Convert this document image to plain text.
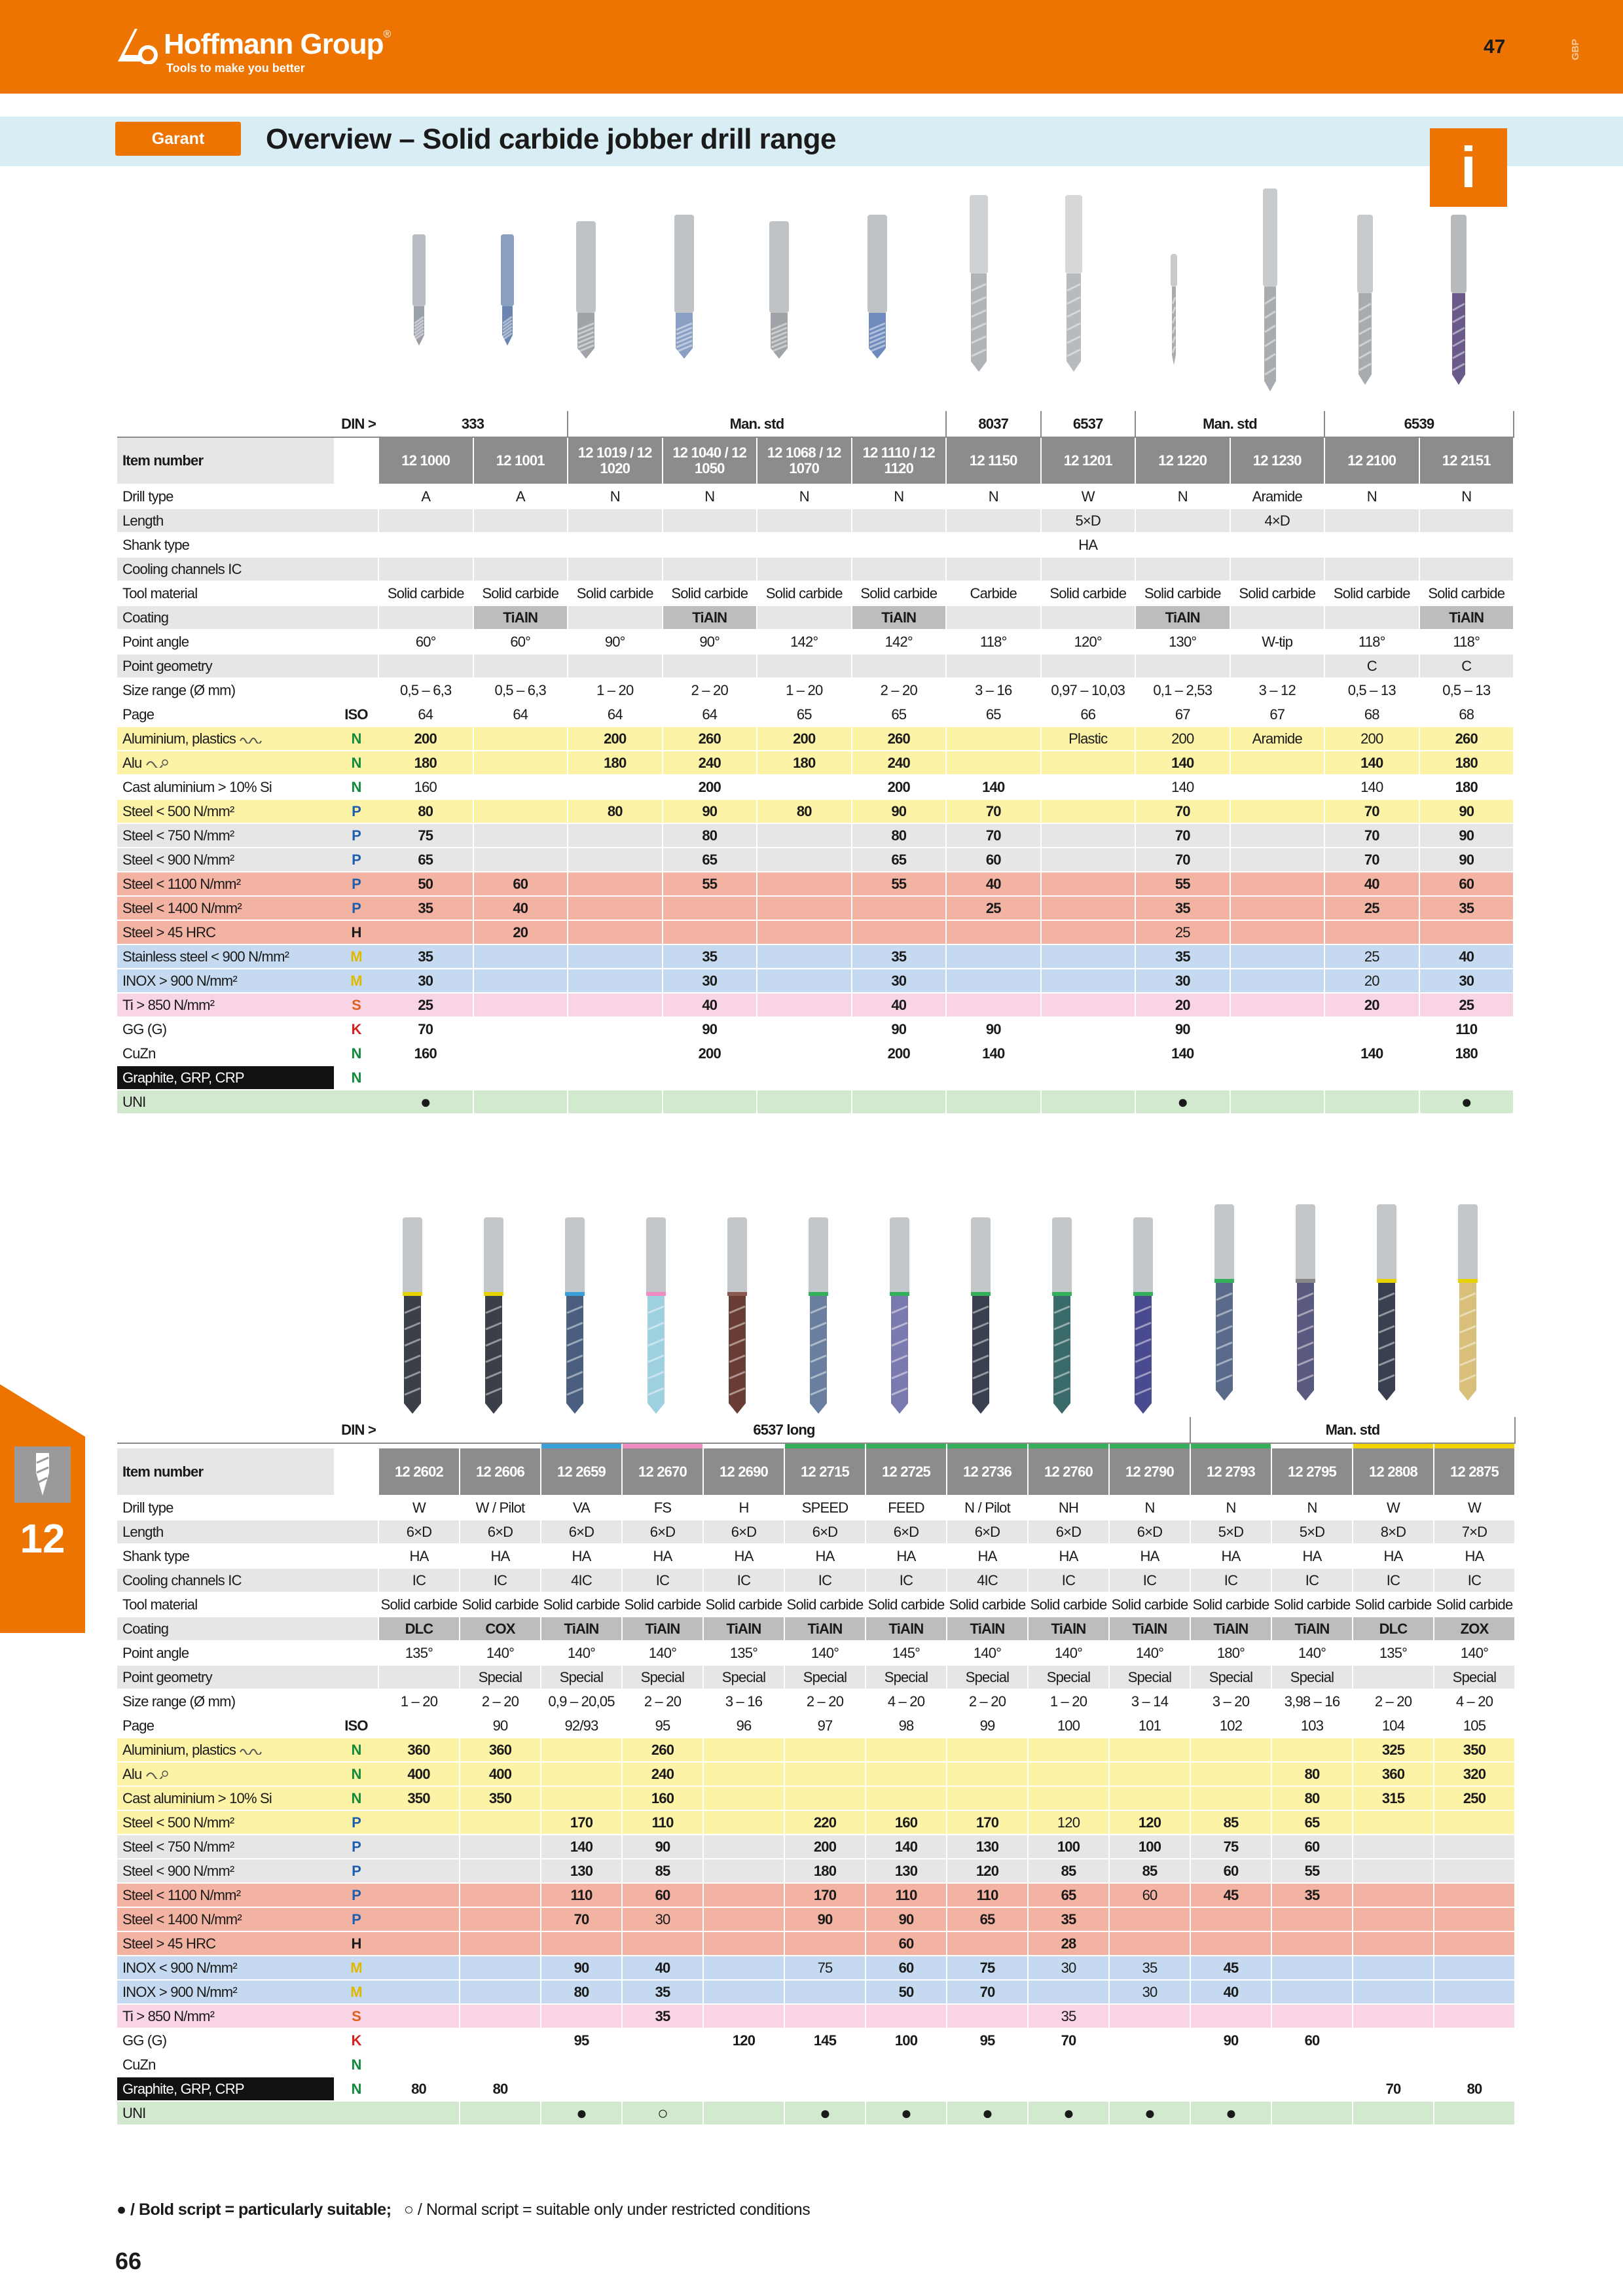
Hoffmann Group ®
Tools to make you better
47	GBP
Garant Overview – Solid carbide jobber drill range	i
12
DIN >		333		Man. std				8037	6537	Man. std		6539	
Item number		12 1000	12 1001	12 1019 / 12 1020	12 1040 / 12 1050	12 1068 / 12 1070	12 1110 / 12 1120	12 1150	12 1201	12 1220	12 1230	12 2100	12 2151
Drill type		A	A	N	N	N	N	N	W	N	Aramide	N	N
Length									5×D		4×D		
Shank type									HA				
Cooling channels IC													
Tool material		Solid carbide	Solid carbide	Solid carbide	Solid carbide	Solid carbide	Solid carbide	Carbide	Solid carbide	Solid carbide	Solid carbide	Solid carbide	Solid carbide
Coating			TiAlN		TiAlN		TiAlN			TiAlN			TiAlN
Point angle		60°	60°	90°	90°	142°	142°	118°	120°	130°	W-tip	118°	118°
Point geometry												C	C
Size range (Ø mm)		0,5 – 6,3	0,5 – 6,3	1 – 20	2 – 20	1 – 20	2 – 20	3 – 16	0,97 – 10,03	0,1 – 2,53	3 – 12	0,5 – 13	0,5 – 13
Page	ISO	64	64	64	64	65	65	65	66	67	67	68	68
Aluminium, plastics	N	200		200	260	200	260		Plastic	200	Aramide	200	260
Alu	N	180		180	240	180	240			140		140	180
Cast aluminium > 10% Si	N	160			200		200	140		140		140	180
Steel < 500 N/mm²	P	80		80	90	80	90	70		70		70	90
Steel < 750 N/mm²	P	75			80		80	70		70		70	90
Steel < 900 N/mm²	P	65			65		65	60		70		70	90
Steel < 1100 N/mm²	P	50	60		55		55	40		55		40	60
Steel < 1400 N/mm²	P	35	40					25		35		25	35
Steel > 45 HRC	H		20							25			
Stainless steel < 900 N/mm²	M	35			35		35			35		25	40
INOX > 900 N/mm²	M	30			30		30			30		20	30
Ti > 850 N/mm²	S	25			40		40			20		20	25
GG (G)	K	70			90		90	90		90			110
CuZn	N	160			200		200	140		140		140	180
Graphite, GRP, CRP	N												
UNI		●								●			●
DIN >		6537 long										Man. std			

Item number		12 2602	12 2606	12 2659	12 2670	12 2690	12 2715	12 2725	12 2736	12 2760	12 2790	12 2793	12 2795	12 2808	12 2875
Drill type		W	W / Pilot	VA	FS	H	SPEED	FEED	N / Pilot	NH	N	N	N	W	W
Length		6×D	6×D	6×D	6×D	6×D	6×D	6×D	6×D	6×D	6×D	5×D	5×D	8×D	7×D
Shank type		HA	HA	HA	HA	HA	HA	HA	HA	HA	HA	HA	HA	HA	HA
Cooling channels IC		IC	IC	4IC	IC	IC	IC	IC	4IC	IC	IC	IC	IC	IC	IC
Tool material		Solid carbide	Solid carbide	Solid carbide	Solid carbide	Solid carbide	Solid carbide	Solid carbide	Solid carbide	Solid carbide	Solid carbide	Solid carbide	Solid carbide	Solid carbide	Solid carbide
Coating		DLC	COX	TiAlN	TiAlN	TiAlN	TiAlN	TiAlN	TiAlN	TiAlN	TiAlN	TiAlN	TiAlN	DLC	ZOX
Point angle		135°	140°	140°	140°	135°	140°	145°	140°	140°	140°	180°	140°	135°	140°
Point geometry			Special	Special	Special	Special	Special	Special	Special	Special	Special	Special	Special		Special
Size range (Ø mm)		1 – 20	2 – 20	0,9 – 20,05	2 – 20	3 – 16	2 – 20	4 – 20	2 – 20	1 – 20	3 – 14	3 – 20	3,98 – 16	2 – 20	4 – 20
Page	ISO		90	92/93	95	96	97	98	99	100	101	102	103	104	105
Aluminium, plastics	N	360	360		260									325	350
Alu	N	400	400		240								80	360	320
Cast aluminium > 10% Si	N	350	350		160								80	315	250
Steel < 500 N/mm²	P			170	110		220	160	170	120	120	85	65		
Steel < 750 N/mm²	P			140	90		200	140	130	100	100	75	60		
Steel < 900 N/mm²	P			130	85		180	130	120	85	85	60	55		
Steel < 1100 N/mm²	P			110	60		170	110	110	65	60	45	35		
Steel < 1400 N/mm²	P			70	30		90	90	65	35					
Steel > 45 HRC	H							60		28					
INOX < 900 N/mm²	M			90	40		75	60	75	30	35	45			
INOX > 900 N/mm²	M			80	35			50	70		30	40			
Ti > 850 N/mm²	S				35					35					
GG (G)	K			95		120	145	100	95	70		90	60		
CuZn	N														
Graphite, GRP, CRP	N	80	80											70	80
UNI				●	○		●	●	●	●	●	●			
● / Bold script = particularly suitable; ○ / Normal script = suitable only under restricted conditions
66
